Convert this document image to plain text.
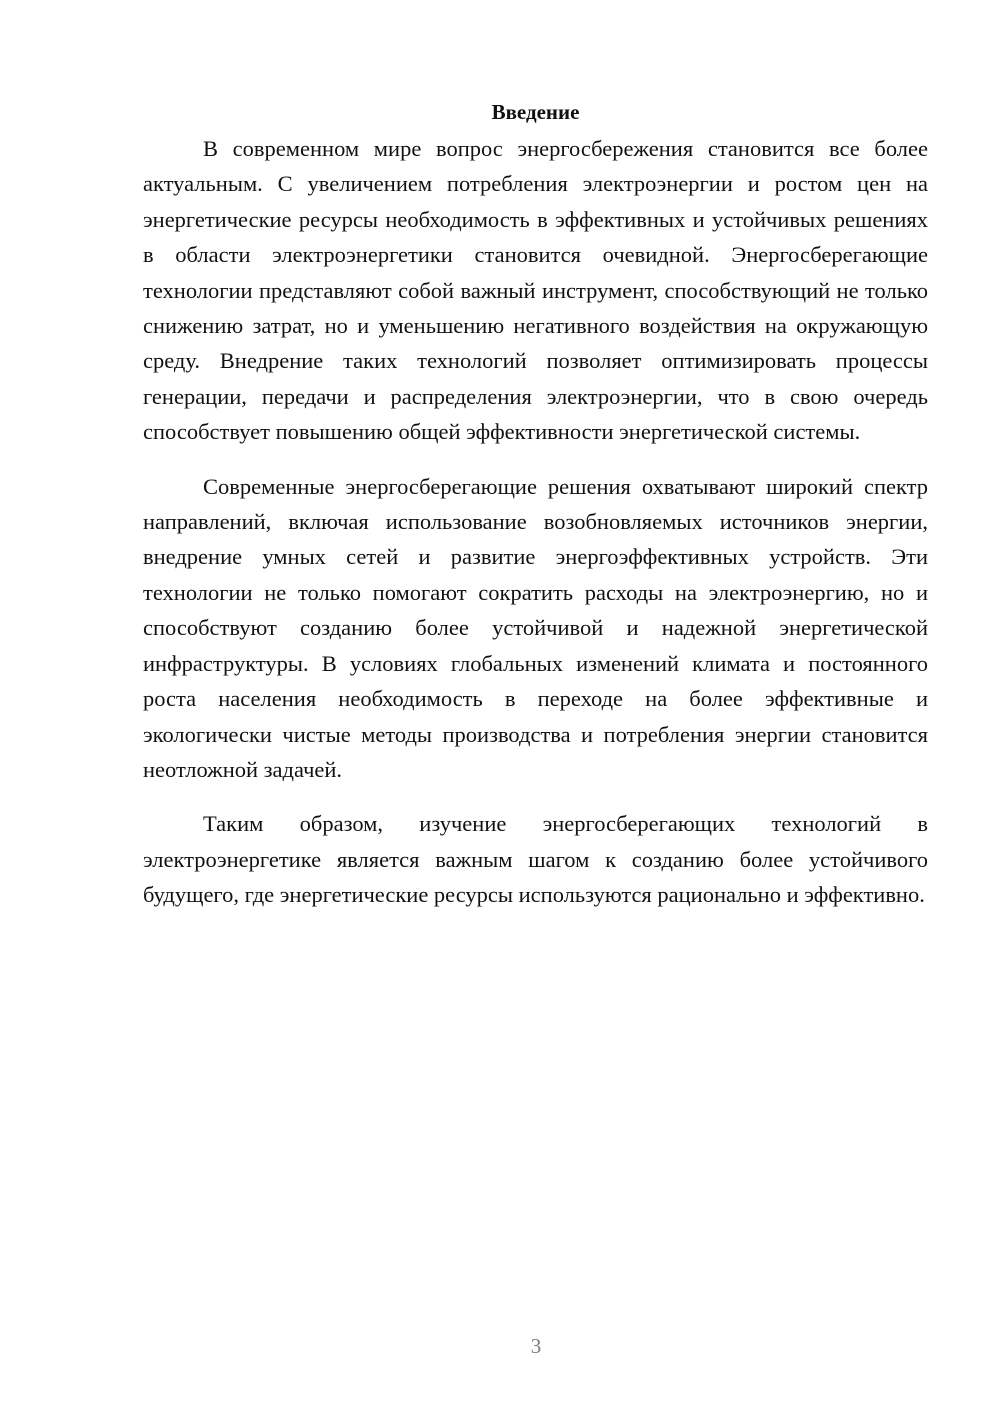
Введение

В современном мире вопрос энергосбережения становится все более актуальным. С увеличением потребления электроэнергии и ростом цен на энергетические ресурсы необходимость в эффективных и устойчивых решениях в области электроэнергетики становится очевидной. Энергосберегающие технологии представляют собой важный инструмент, способствующий не только снижению затрат, но и уменьшению негативного воздействия на окружающую среду. Внедрение таких технологий позволяет оптимизировать процессы генерации, передачи и распределения электроэнергии, что в свою очередь способствует повышению общей эффективности энергетической системы.

Современные энергосберегающие решения охватывают широкий спектр направлений, включая использование возобновляемых источников энергии, внедрение умных сетей и развитие энергоэффективных устройств. Эти технологии не только помогают сократить расходы на электроэнергию, но и способствуют созданию более устойчивой и надежной энергетической инфраструктуры. В условиях глобальных изменений климата и постоянного роста населения необходимость в переходе на более эффективные и экологически чистые методы производства и потребления энергии становится неотложной задачей.

Таким образом, изучение энергосберегающих технологий в электроэнергетике является важным шагом к созданию более устойчивого будущего, где энергетические ресурсы используются рационально и эффективно.

3
